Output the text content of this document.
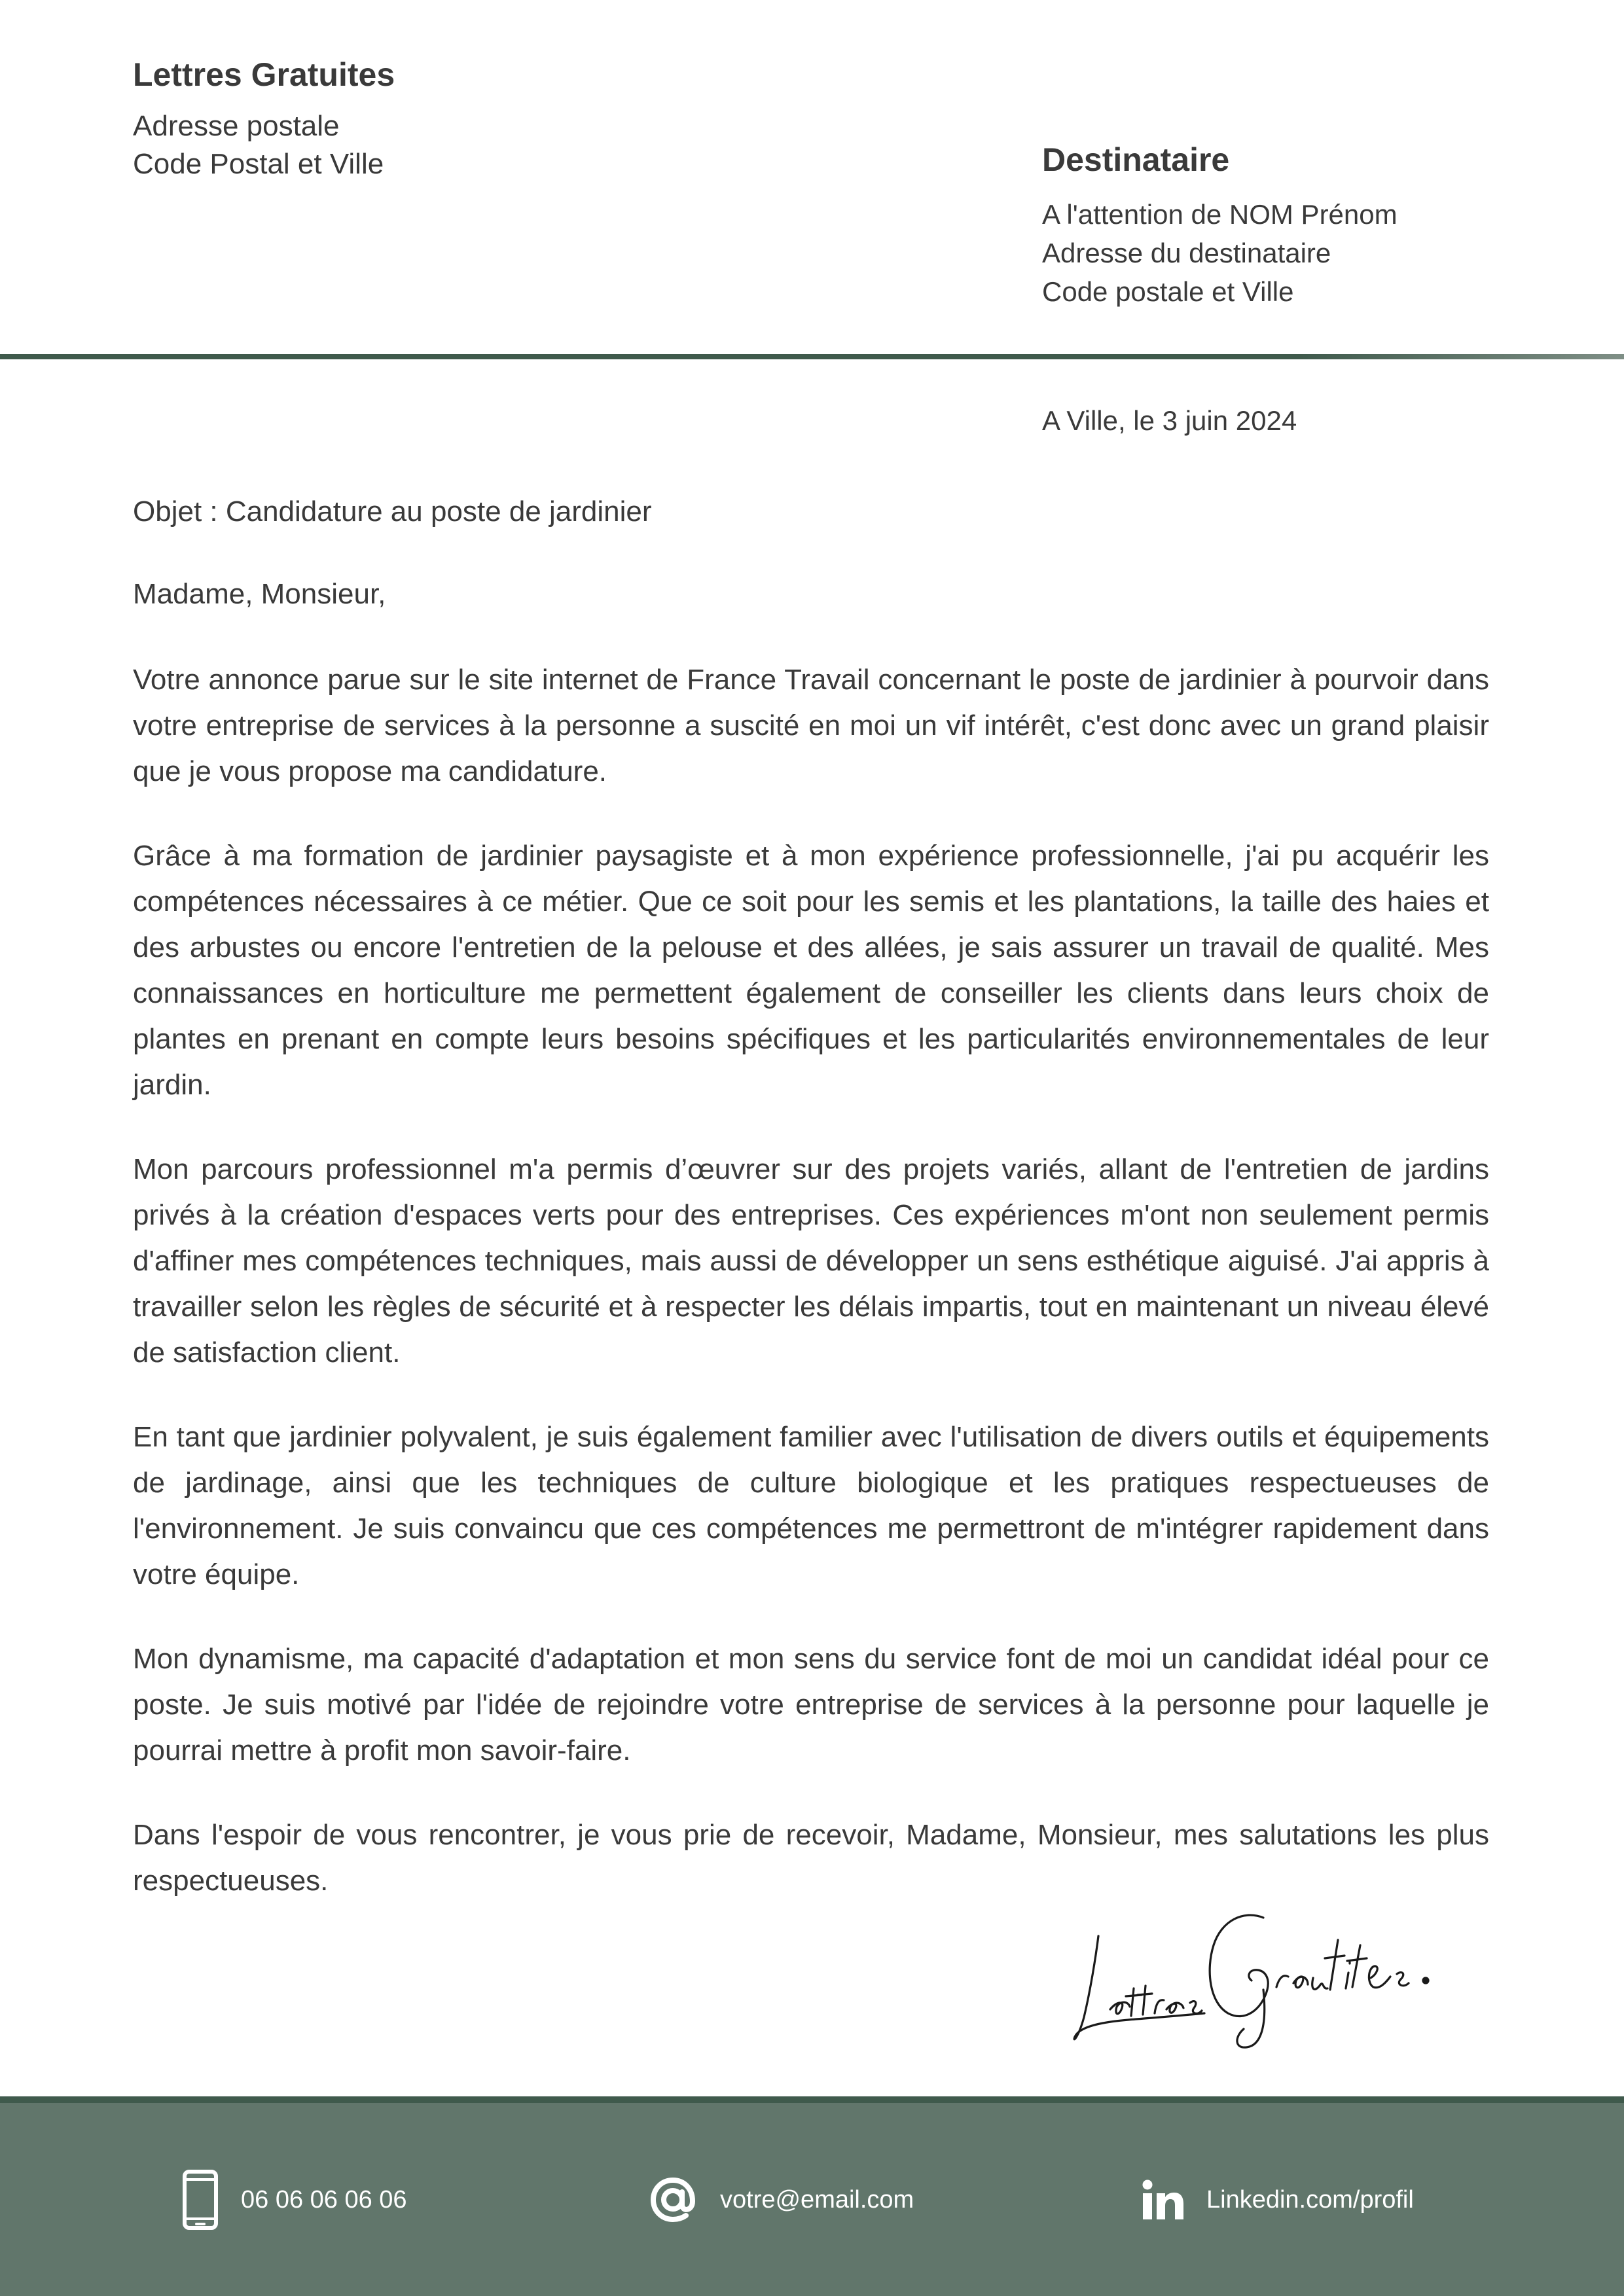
Lettres Gratuites
Adresse postale
Code Postal et Ville	Destinataire
A l'attention de NOM Prénom
Adresse du destinataire
Code postale et Ville
A Ville, le 3 juin 2024

Objet : Candidature au poste de jardinier

Madame, Monsieur,

Votre annonce parue sur le site internet de France Travail concernant le poste de jardinier à pourvoir dans votre entreprise de services à la personne a suscité en moi un vif intérêt, c'est donc avec un grand plaisir que je vous propose ma candidature.

Grâce à ma formation de jardinier paysagiste et à mon expérience professionnelle, j'ai pu acquérir les compétences nécessaires à ce métier. Que ce soit pour les semis et les plantations, la taille des haies et des arbustes ou encore l'entretien de la pelouse et des allées, je sais assurer un travail de qualité. Mes connaissances en horticulture me permettent également de conseiller les clients dans leurs choix de plantes en prenant en compte leurs besoins spécifiques et les particularités environnementales de leur jardin.

Mon parcours professionnel m'a permis d’œuvrer sur des projets variés, allant de l'entretien de jardins privés à la création d'espaces verts pour des entreprises. Ces expériences m'ont non seulement permis d'affiner mes compétences techniques, mais aussi de développer un sens esthétique aiguisé. J'ai appris à travailler selon les règles de sécurité et à respecter les délais impartis, tout en maintenant un niveau élevé de satisfaction client.

En tant que jardinier polyvalent, je suis également familier avec l'utilisation de divers outils et équipements de jardinage, ainsi que les techniques de culture biologique et les pratiques respectueuses de l'environnement. Je suis convaincu que ces compétences me permettront de m'intégrer rapidement dans votre équipe.

Mon dynamisme, ma capacité d'adaptation et mon sens du service font de moi un candidat idéal pour ce poste. Je suis motivé par l'idée de rejoindre votre entreprise de services à la personne pour laquelle je pourrai mettre à profit mon savoir-faire.

Dans l'espoir de vous rencontrer, je vous prie de recevoir, Madame, Monsieur, mes salutations les plus respectueuses.

06 06 06 06 06	votre@email.com	Linkedin.com/profil
